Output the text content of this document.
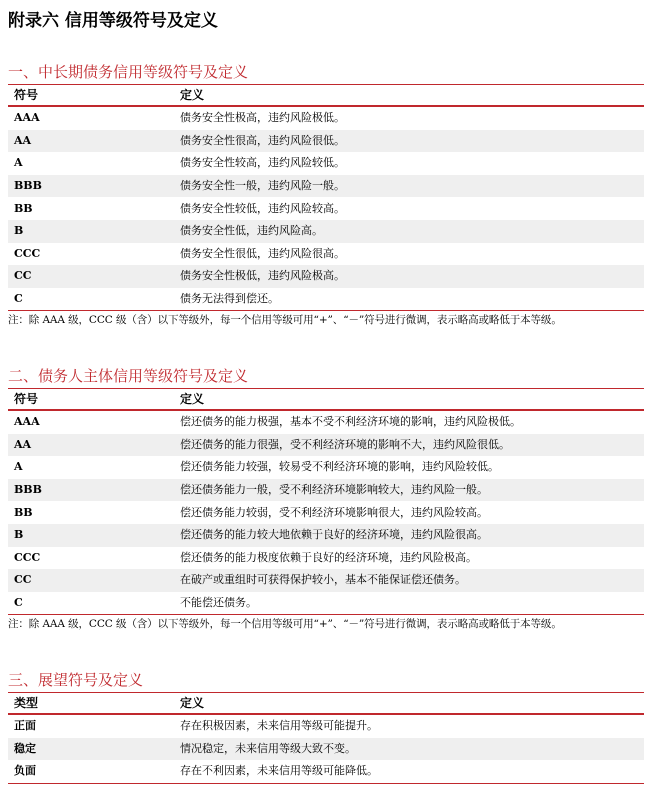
附录六 信用等级符号及定义
一、中长期债务信用等级符号及定义
符号	定义
AAA	债务安全性极高，违约风险极低。
AA	债务安全性很高，违约风险很低。
A	债务安全性较高，违约风险较低。
BBB	债务安全性一般，违约风险一般。
BB	债务安全性较低，违约风险较高。
B	债务安全性低，违约风险高。
CCC	债务安全性很低，违约风险很高。
CC	债务安全性极低，违约风险极高。
C	债务无法得到偿还。
注：除 AAA 级，CCC 级（含）以下等级外，每一个信用等级可用“+”、“－”符号进行微调，表示略高或略低于本等级。
二、债务人主体信用等级符号及定义
符号	定义
AAA	偿还债务的能力极强，基本不受不利经济环境的影响，违约风险极低。
AA	偿还债务的能力很强，受不利经济环境的影响不大，违约风险很低。
A	偿还债务能力较强，较易受不利经济环境的影响，违约风险较低。
BBB	偿还债务能力一般，受不利经济环境影响较大，违约风险一般。
BB	偿还债务能力较弱，受不利经济环境影响很大，违约风险较高。
B	偿还债务的能力较大地依赖于良好的经济环境，违约风险很高。
CCC	偿还债务的能力极度依赖于良好的经济环境，违约风险极高。
CC	在破产或重组时可获得保护较小，基本不能保证偿还债务。
C	不能偿还债务。
注：除 AAA 级，CCC 级（含）以下等级外，每一个信用等级可用“+”、“－”符号进行微调，表示略高或略低于本等级。
三、展望符号及定义
类型	定义
正面	存在积极因素，未来信用等级可能提升。
稳定	情况稳定，未来信用等级大致不变。
负面	存在不利因素，未来信用等级可能降低。
